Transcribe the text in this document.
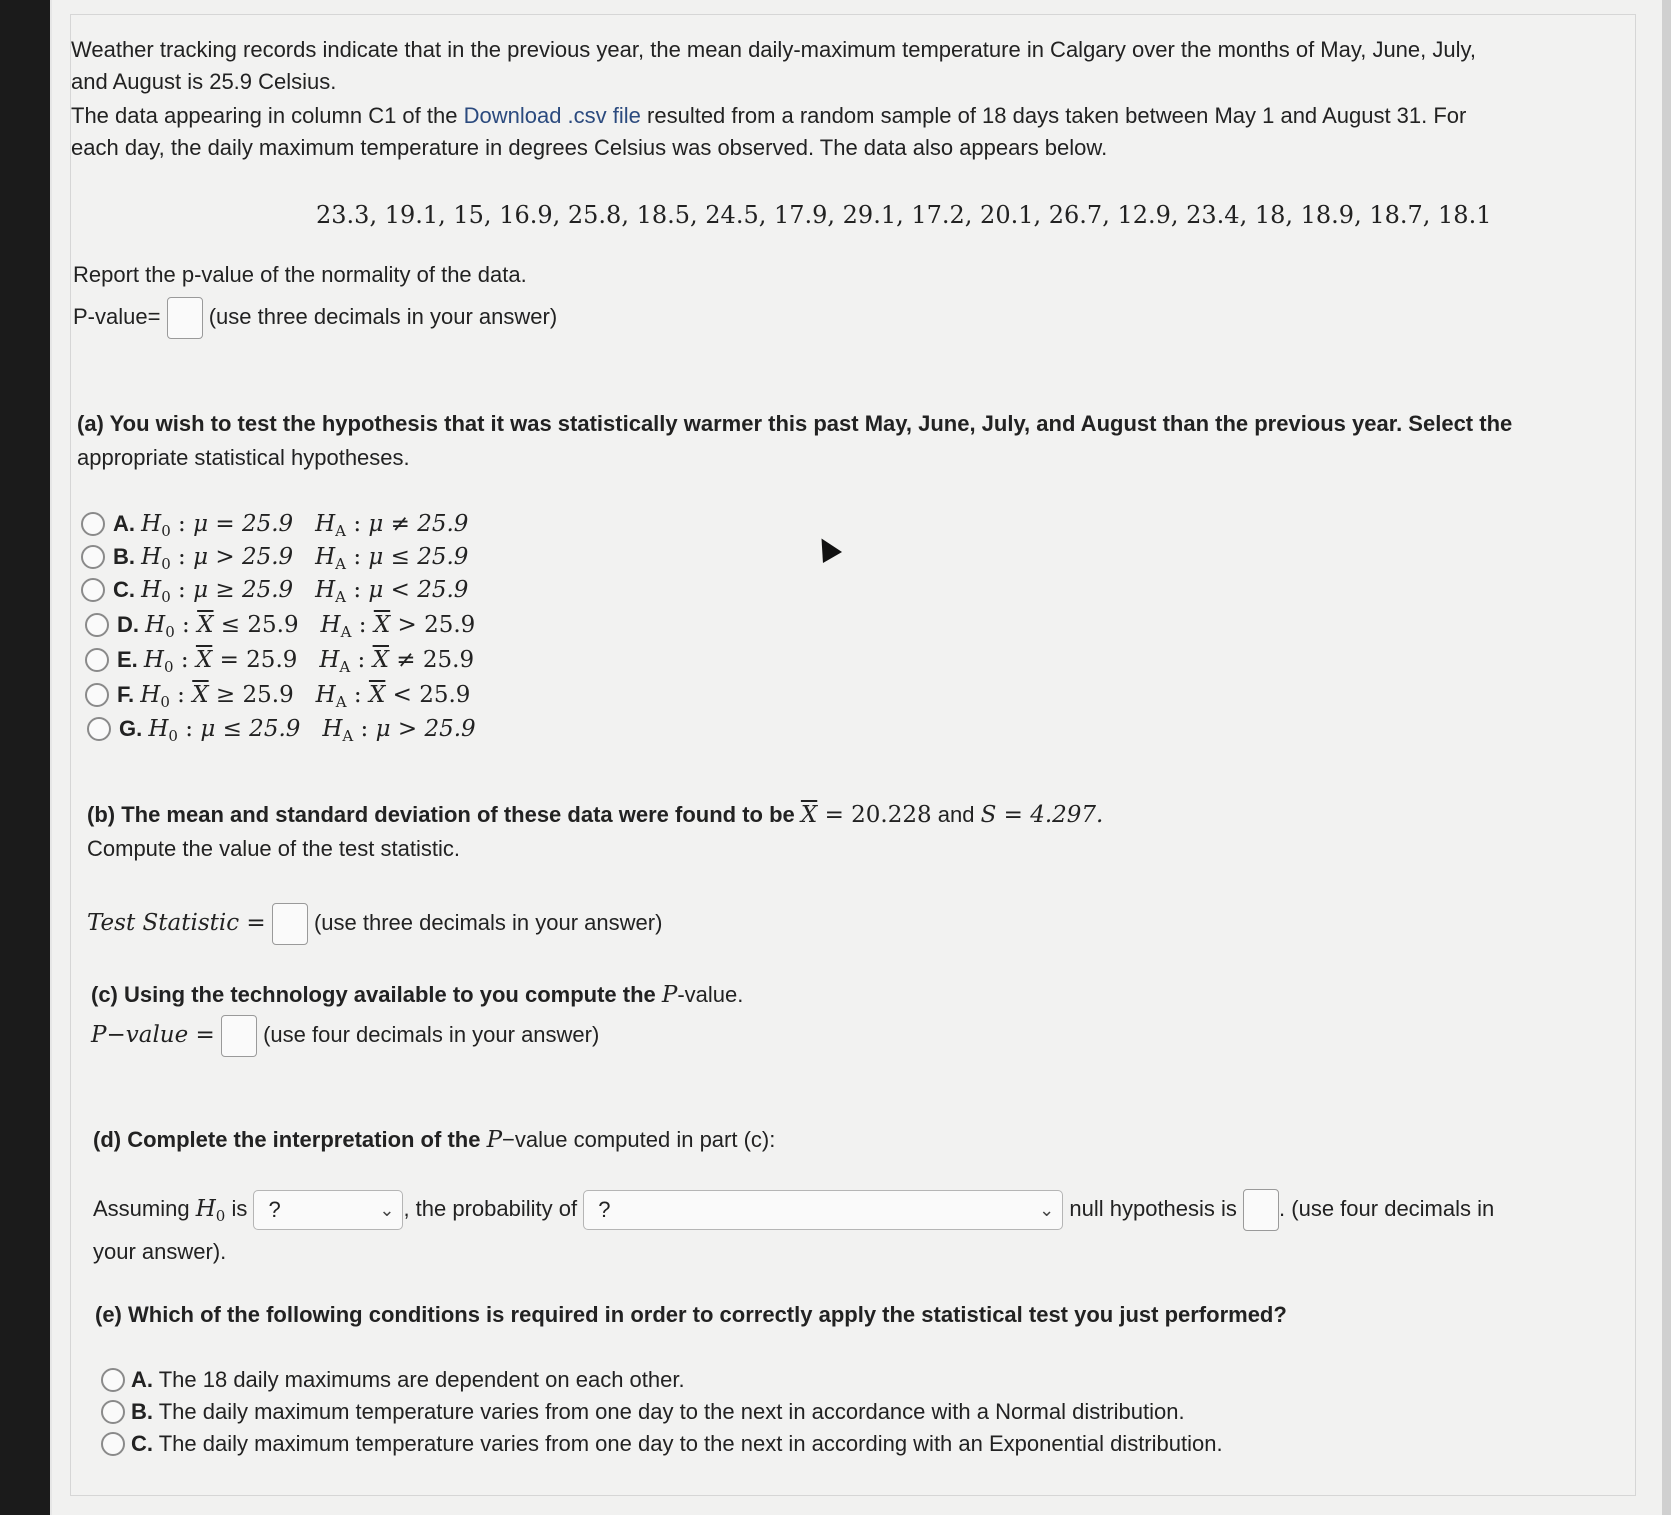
Weather tracking records indicate that in the previous year, the mean daily-maximum temperature in Calgary over the months of May, June, July,
and August is 25.9 Celsius.
The data appearing in column C1 of the Download .csv file resulted from a random sample of 18 days taken between May 1 and August 31. For
each day, the daily maximum temperature in degrees Celsius was observed. The data also appears below.
23.3, 19.1, 15, 16.9, 25.8, 18.5, 24.5, 17.9, 29.1, 17.2, 20.1, 26.7, 12.9, 23.4, 18, 18.9, 18.7, 18.1
Report the p-value of the normality of the data.
P-value= (use three decimals in your answer)
(a) You wish to test the hypothesis that it was statistically warmer this past May, June, July, and August than the previous year. Select the
appropriate statistical hypotheses.
A. $H_0$ : μ = 25.9 $H_A$ : μ ≠ 25.9
B. $H_0$ : μ > 25.9 $H_A$ : μ ≤ 25.9
C. $H_0$ : μ ≥ 25.9 $H_A$ : μ < 25.9
D. $H_0$ : $\overline{X} \le 25.9$ $H_A$ : $\overline{X} > 25.9$
E. $H_0$ : $\overline{X} = 25.9$ $H_A$ : $\overline{X} \ne 25.9$
F. $H_0$ : $\overline{X} \ge 25.9$ $H_A$ : $\overline{X} < 25.9$
G. $H_0$ : μ ≤ 25.9 $H_A$ : μ > 25.9
(b) The mean and standard deviation of these data were found to be $\overline{X} = 20.228$ and S = 4.297.
Compute the value of the test statistic.
Test Statistic = (use three decimals in your answer)
(c) Using the technology available to you compute the P-value.
P−value = (use four decimals in your answer)
(d) Complete the interpretation of the P−value computed in part (c):
Assuming $H_0$ is ?	⌄ , the probability of ?	⌄ null hypothesis is . (use four decimals in
your answer).
(e) Which of the following conditions is required in order to correctly apply the statistical test you just performed?
A. The 18 daily maximums are dependent on each other.
B. The daily maximum temperature varies from one day to the next in accordance with a Normal distribution.
C. The daily maximum temperature varies from one day to the next in according with an Exponential distribution.
